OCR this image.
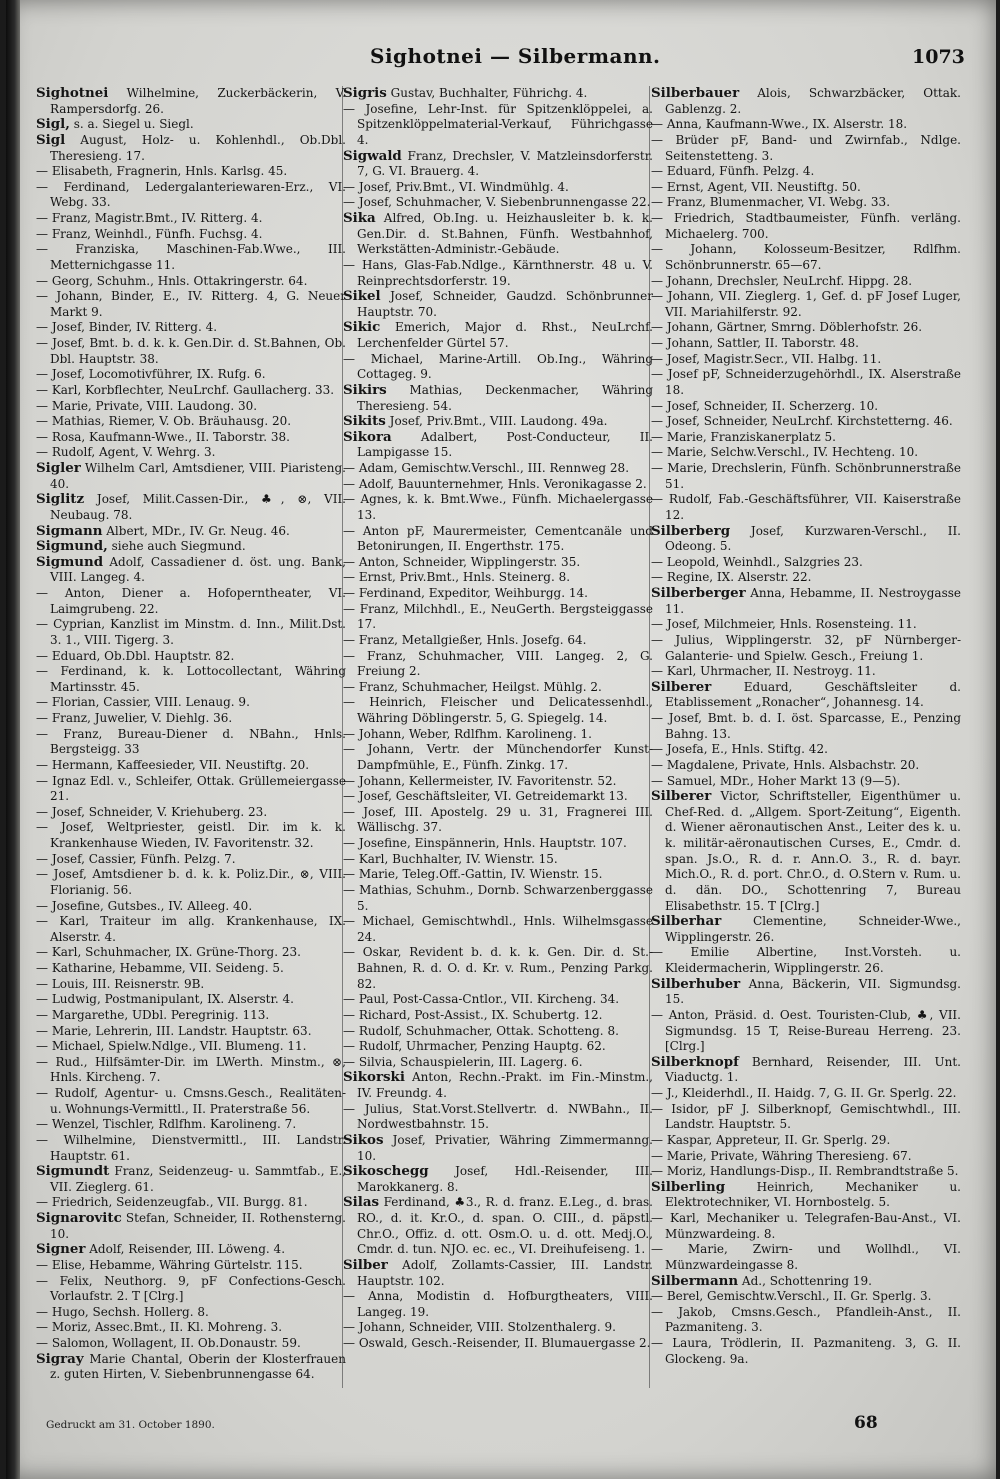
Sighotnei — Silbermann.	1073

Sighotnei Wilhelmine, Zuckerbäckerin, V. Rampersdorfg. 26.

Sigl, s. a. Siegel u. Siegl.

Sigl August, Holz- u. Kohlenhdl., Ob.Dbl. Theresieng. 17.

— Elisabeth, Fragnerin, Hnls. Karlsg. 45.

— Ferdinand, Ledergalanteriewaren-Erz., VI. Webg. 33.

— Franz, Magistr.Bmt., IV. Ritterg. 4.

— Franz, Weinhdl., Fünfh. Fuchsg. 4.

— Franziska, Maschinen-Fab.Wwe., III. Metternichgasse 11.

— Georg, Schuhm., Hnls. Ottakringerstr. 64.

— Johann, Binder, E., IV. Ritterg. 4, G. Neuer Markt 9.

— Josef, Binder, IV. Ritterg. 4.

— Josef, Bmt. b. d. k. k. Gen.Dir. d. St.Bahnen, Ob. Dbl. Hauptstr. 38.

— Josef, Locomotivführer, IX. Rufg. 6.

— Karl, Korbflechter, NeuLrchf. Gaullacherg. 33.

— Marie, Private, VIII. Laudong. 30.

— Mathias, Riemer, V. Ob. Bräuhausg. 20.

— Rosa, Kaufmann-Wwe., II. Taborstr. 38.

— Rudolf, Agent, V. Wehrg. 3.

Sigler Wilhelm Carl, Amtsdiener, VIII. Piaristeng. 40.

Siglitz Josef, Milit.Cassen-Dir., ♣, ⊗, VII. Neubaug. 78.

Sigmann Albert, MDr., IV. Gr. Neug. 46.

Sigmund, siehe auch Siegmund.

Sigmund Adolf, Cassadiener d. öst. ung. Bank, VIII. Langeg. 4.

— Anton, Diener a. Hofoperntheater, VI. Laimgrubeng. 22.

— Cyprian, Kanzlist im Minstm. d. Inn., Milit.Dst. 3. 1., VIII. Tigerg. 3.

— Eduard, Ob.Dbl. Hauptstr. 82.

— Ferdinand, k. k. Lottocollectant, Währing Martinsstr. 45.

— Florian, Cassier, VIII. Lenaug. 9.

— Franz, Juwelier, V. Diehlg. 36.

— Franz, Bureau-Diener d. NBahn., Hnls. Bergsteigg. 33

— Hermann, Kaffeesieder, VII. Neustiftg. 20.

— Ignaz Edl. v., Schleifer, Ottak. Grüllemeiergasse 21.

— Josef, Schneider, V. Kriehuberg. 23.

— Josef, Weltpriester, geistl. Dir. im k. k. Krankenhause Wieden, IV. Favoritenstr. 32.

— Josef, Cassier, Fünfh. Pelzg. 7.

— Josef, Amtsdiener b. d. k. k. Poliz.Dir., ⊗, VIII. Florianig. 56.

— Josefine, Gutsbes., IV. Alleeg. 40.

— Karl, Traiteur im allg. Krankenhause, IX. Alserstr. 4.

— Karl, Schuhmacher, IX. Grüne-Thorg. 23.

— Katharine, Hebamme, VII. Seideng. 5.

— Louis, III. Reisnerstr. 9B.

— Ludwig, Postmanipulant, IX. Alserstr. 4.

— Margarethe, UDbl. Peregrinig. 113.

— Marie, Lehrerin, III. Landstr. Hauptstr. 63.

— Michael, Spielw.Ndlge., VII. Blumeng. 11.

— Rud., Hilfsämter-Dir. im LWerth. Minstm., ⊗, Hnls. Kircheng. 7.

— Rudolf, Agentur- u. Cmsns.Gesch., Realitäten- u. Wohnungs-Vermittl., II. Praterstraße 56.

— Wenzel, Tischler, Rdlfhm. Karolineng. 7.

— Wilhelmine, Dienstvermittl., III. Landstr. Hauptstr. 61.

Sigmundt Franz, Seidenzeug- u. Sammtfab., E., VII. Zieglerg. 61.

— Friedrich, Seidenzeugfab., VII. Burgg. 81.

Signarovitc Stefan, Schneider, II. Rothensterng. 10.

Signer Adolf, Reisender, III. Löweng. 4.

— Elise, Hebamme, Währing Gürtelstr. 115.

— Felix, Neuthorg. 9, pF Confections-Gesch. Vorlaufstr. 2. T [Clrg.]

— Hugo, Sechsh. Hollerg. 8.

— Moriz, Assec.Bmt., II. Kl. Mohreng. 3.

— Salomon, Wollagent, II. Ob.Donaustr. 59.

Sigray Marie Chantal, Oberin der Klosterfrauen z. guten Hirten, V. Siebenbrunnengasse 64.

Sigris Gustav, Buchhalter, Führichg. 4.

— Josefine, Lehr-Inst. für Spitzenklöppelei, a. Spitzenklöppelmaterial-Verkauf, Führichgasse 4.

Sigwald Franz, Drechsler, V. Matzleinsdorferstr. 7, G. VI. Brauerg. 4.

— Josef, Priv.Bmt., VI. Windmühlg. 4.

— Josef, Schuhmacher, V. Siebenbrunnengasse 22.

Sika Alfred, Ob.Ing. u. Heizhausleiter b. k. k. Gen.Dir. d. St.Bahnen, Fünfh. Westbahnhof, Werkstätten-Administr.-Gebäude.

— Hans, Glas-Fab.Ndlge., Kärnthnerstr. 48 u. V. Reinprechtsdorferstr. 19.

Sikel Josef, Schneider, Gaudzd. Schönbrunner Hauptstr. 70.

Sikic Emerich, Major d. Rhst., NeuLrchf. Lerchenfelder Gürtel 57.

— Michael, Marine-Artill. Ob.Ing., Währing Cottageg. 9.

Sikirs Mathias, Deckenmacher, Währing Theresieng. 54.

Sikits Josef, Priv.Bmt., VIII. Laudong. 49a.

Sikora Adalbert, Post-Conducteur, II. Lampigasse 15.

— Adam, Gemischtw.Verschl., III. Rennweg 28.

— Adolf, Bauunternehmer, Hnls. Veronikagasse 2.

— Agnes, k. k. Bmt.Wwe., Fünfh. Michaelergasse 13.

— Anton pF, Maurermeister, Cementcanäle und Betonirungen, II. Engerthstr. 175.

— Anton, Schneider, Wipplingerstr. 35.

— Ernst, Priv.Bmt., Hnls. Steinerg. 8.

— Ferdinand, Expeditor, Weihburgg. 14.

— Franz, Milchhdl., E., NeuGerth. Bergsteiggasse 17.

— Franz, Metallgießer, Hnls. Josefg. 64.

— Franz, Schuhmacher, VIII. Langeg. 2, G. Freiung 2.

— Franz, Schuhmacher, Heilgst. Mühlg. 2.

— Heinrich, Fleischer und Delicatessenhdl., Währing Döblingerstr. 5, G. Spiegelg. 14.

— Johann, Weber, Rdlfhm. Karolineng. 1.

— Johann, Vertr. der Münchendorfer Kunst-Dampfmühle, E., Fünfh. Zinkg. 17.

— Johann, Kellermeister, IV. Favoritenstr. 52.

— Josef, Geschäftsleiter, VI. Getreidemarkt 13.

— Josef, III. Apostelg. 29 u. 31, Fragnerei III. Wällischg. 37.

— Josefine, Einspännerin, Hnls. Hauptstr. 107.

— Karl, Buchhalter, IV. Wienstr. 15.

— Marie, Teleg.Off.-Gattin, IV. Wienstr. 15.

— Mathias, Schuhm., Dornb. Schwarzenberggasse 5.

— Michael, Gemischtwhdl., Hnls. Wilhelmsgasse 24.

— Oskar, Revident b. d. k. k. Gen. Dir. d. St.-Bahnen, R. d. O. d. Kr. v. Rum., Penzing Parkg. 82.

— Paul, Post-Cassa-Cntlor., VII. Kircheng. 34.

— Richard, Post-Assist., IX. Schubertg. 12.

— Rudolf, Schuhmacher, Ottak. Schotteng. 8.

— Rudolf, Uhrmacher, Penzing Hauptg. 62.

— Silvia, Schauspielerin, III. Lagerg. 6.

Sikorski Anton, Rechn.-Prakt. im Fin.-Minstm., IV. Freundg. 4.

— Julius, Stat.Vorst.Stellvertr. d. NWBahn., II. Nordwestbahnstr. 15.

Sikos Josef, Privatier, Währing Zimmermanng. 10.

Sikoschegg Josef, Hdl.-Reisender, III. Marokkanerg. 8.

Silas Ferdinand, ♣3., R. d. franz. E.Leg., d. bras. RO., d. it. Kr.O., d. span. O. CIII., d. päpstl. Chr.O., Offiz. d. ott. Osm.O. u. d. ott. Medj.O., Cmdr. d. tun. NJO. ec. ec., VI. Dreihufeiseng. 1.

Silber Adolf, Zollamts-Cassier, III. Landstr. Hauptstr. 102.

— Anna, Modistin d. Hofburgtheaters, VIII. Langeg. 19.

— Johann, Schneider, VIII. Stolzenthalerg. 9.

— Oswald, Gesch.-Reisender, II. Blumauergasse 2.

Silberbauer Alois, Schwarzbäcker, Ottak. Gablenzg. 2.

— Anna, Kaufmann-Wwe., IX. Alserstr. 18.

— Brüder pF, Band- und Zwirnfab., Ndlge. Seitenstetteng. 3.

— Eduard, Fünfh. Pelzg. 4.

— Ernst, Agent, VII. Neustiftg. 50.

— Franz, Blumenmacher, VI. Webg. 33.

— Friedrich, Stadtbaumeister, Fünfh. verläng. Michaelerg. 700.

— Johann, Kolosseum-Besitzer, Rdlfhm. Schönbrunnerstr. 65—67.

— Johann, Drechsler, NeuLrchf. Hippg. 28.

— Johann, VII. Zieglerg. 1, Gef. d. pF Josef Luger, VII. Mariahilferstr. 92.

— Johann, Gärtner, Smrng. Döblerhofstr. 26.

— Johann, Sattler, II. Taborstr. 48.

— Josef, Magistr.Secr., VII. Halbg. 11.

— Josef pF, Schneiderzugehörhdl., IX. Alserstraße 18.

— Josef, Schneider, II. Scherzerg. 10.

— Josef, Schneider, NeuLrchf. Kirchstetterng. 46.

— Marie, Franziskanerplatz 5.

— Marie, Selchw.Verschl., IV. Hechteng. 10.

— Marie, Drechslerin, Fünfh. Schönbrunnerstraße 51.

— Rudolf, Fab.-Geschäftsführer, VII. Kaiserstraße 12.

Silberberg Josef, Kurzwaren-Verschl., II. Odeong. 5.

— Leopold, Weinhdl., Salzgries 23.

— Regine, IX. Alserstr. 22.

Silberberger Anna, Hebamme, II. Nestroygasse 11.

— Josef, Milchmeier, Hnls. Rosensteing. 11.

— Julius, Wipplingerstr. 32, pF Nürnberger-Galanterie- und Spielw. Gesch., Freiung 1.

— Karl, Uhrmacher, II. Nestroyg. 11.

Silberer Eduard, Geschäftsleiter d. Etablissement „Ronacher“, Johannesg. 14.

— Josef, Bmt. b. d. I. öst. Sparcasse, E., Penzing Bahng. 13.

— Josefa, E., Hnls. Stiftg. 42.

— Magdalene, Private, Hnls. Alsbachstr. 20.

— Samuel, MDr., Hoher Markt 13 (9—5).

Silberer Victor, Schriftsteller, Eigenthümer u. Chef-Red. d. „Allgem. Sport-Zeitung“, Eigenth. d. Wiener aëronautischen Anst., Leiter des k. u. k. militär-aëronautischen Curses, E., Cmdr. d. span. Js.O., R. d. r. Ann.O. 3., R. d. bayr. Mich.O., R. d. port. Chr.O., d. O.Stern v. Rum. u. d. dän. DO., Schottenring 7, Bureau Elisabethstr. 15. T [Clrg.]

Silberhar Clementine, Schneider-Wwe., Wipplingerstr. 26.

— Emilie Albertine, Inst.Vorsteh. u. Kleidermacherin, Wipplingerstr. 26.

Silberhuber Anna, Bäckerin, VII. Sigmundsg. 15.

— Anton, Präsid. d. Oest. Touristen-Club, ♣, VII. Sigmundsg. 15 T, Reise-Bureau Herreng. 23. [Clrg.]

Silberknopf Bernhard, Reisender, III. Unt. Viaductg. 1.

— J., Kleiderhdl., II. Haidg. 7, G. II. Gr. Sperlg. 22.

— Isidor, pF J. Silberknopf, Gemischtwhdl., III. Landstr. Hauptstr. 5.

— Kaspar, Appreteur, II. Gr. Sperlg. 29.

— Marie, Private, Währing Theresieng. 67.

— Moriz, Handlungs-Disp., II. Rembrandtstraße 5.

Silberling Heinrich, Mechaniker u. Elektrotechniker, VI. Hornbostelg. 5.

— Karl, Mechaniker u. Telegrafen-Bau-Anst., VI. Münzwardeing. 8.

— Marie, Zwirn- und Wollhdl., VI. Münzwardeingasse 8.

Silbermann Ad., Schottenring 19.

— Berel, Gemischtw.Verschl., II. Gr. Sperlg. 3.

— Jakob, Cmsns.Gesch., Pfandleih-Anst., II. Pazmaniteng. 3.

— Laura, Trödlerin, II. Pazmaniteng. 3, G. II. Glockeng. 9a.

Gedruckt am 31. October 1890.	68
